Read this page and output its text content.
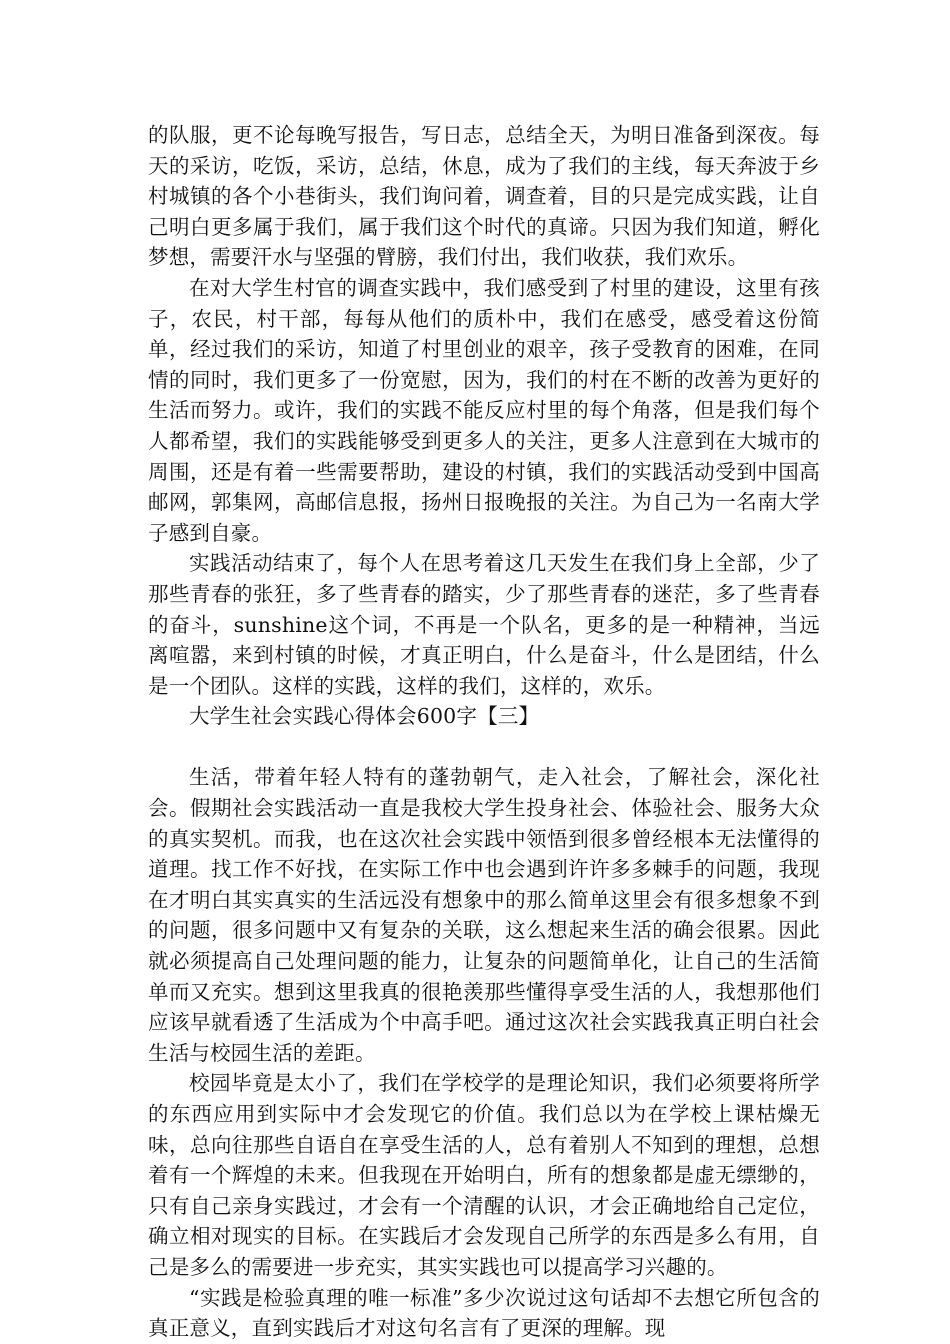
的队服，更不论每晚写报告，写日志，总结全天，为明日准备到深夜。每天的采访，吃饭，采访，总结，休息，成为了我们的主线，每天奔波于乡村城镇的各个小巷街头，我们询问着，调查着，目的只是完成实践，让自己明白更多属于我们，属于我们这个时代的真谛。只因为我们知道，孵化梦想，需要汗水与坚强的臂膀，我们付出，我们收获，我们欢乐。

在对大学生村官的调查实践中，我们感受到了村里的建设，这里有孩子，农民，村干部，每每从他们的质朴中，我们在感受，感受着这份简单，经过我们的采访，知道了村里创业的艰辛，孩子受教育的困难，在同情的同时，我们更多了一份宽慰，因为，我们的村在不断的改善为更好的生活而努力。或许，我们的实践不能反应村里的每个角落，但是我们每个人都希望，我们的实践能够受到更多人的关注，更多人注意到在大城市的周围，还是有着一些需要帮助，建设的村镇，我们的实践活动受到中国高邮网，郭集网，高邮信息报，扬州日报晚报的关注。为自己为一名南大学子感到自豪。

实践活动结束了，每个人在思考着这几天发生在我们身上全部，少了那些青春的张狂，多了些青春的踏实，少了那些青春的迷茫，多了些青春的奋斗，sunshine这个词，不再是一个队名，更多的是一种精神，当远离喧嚣，来到村镇的时候，才真正明白，什么是奋斗，什么是团结，什么是一个团队。这样的实践，这样的我们，这样的，欢乐。

大学生社会实践心得体会600字【三】

生活，带着年轻人特有的蓬勃朝气，走入社会，了解社会，深化社会。假期社会实践活动一直是我校大学生投身社会、体验社会、服务大众的真实契机。而我，也在这次社会实践中领悟到很多曾经根本无法懂得的道理。找工作不好找，在实际工作中也会遇到许许多多棘手的问题，我现在才明白其实真实的生活远没有想象中的那么简单这里会有很多想象不到的问题，很多问题中又有复杂的关联，这么想起来生活的确会很累。因此就必须提高自己处理问题的能力，让复杂的问题简单化，让自己的生活简单而又充实。想到这里我真的很艳羡那些懂得享受生活的人，我想那他们应该早就看透了生活成为个中高手吧。通过这次社会实践我真正明白社会生活与校园生活的差距。

校园毕竟是太小了，我们在学校学的是理论知识，我们必须要将所学的东西应用到实际中才会发现它的价值。我们总以为在学校上课枯燥无味，总向往那些自语自在享受生活的人，总有着别人不知到的理想，总想着有一个辉煌的未来。但我现在开始明白，所有的想象都是虚无缥缈的，只有自己亲身实践过，才会有一个清醒的认识，才会正确地给自己定位，确立相对现实的目标。在实践后才会发现自己所学的东西是多么有用，自己是多么的需要进一步充实，其实实践也可以提高学习兴趣的。

“实践是检验真理的唯一标准”多少次说过这句话却不去想它所包含的真正意义，直到实践后才对这句名言有了更深的理解。现
